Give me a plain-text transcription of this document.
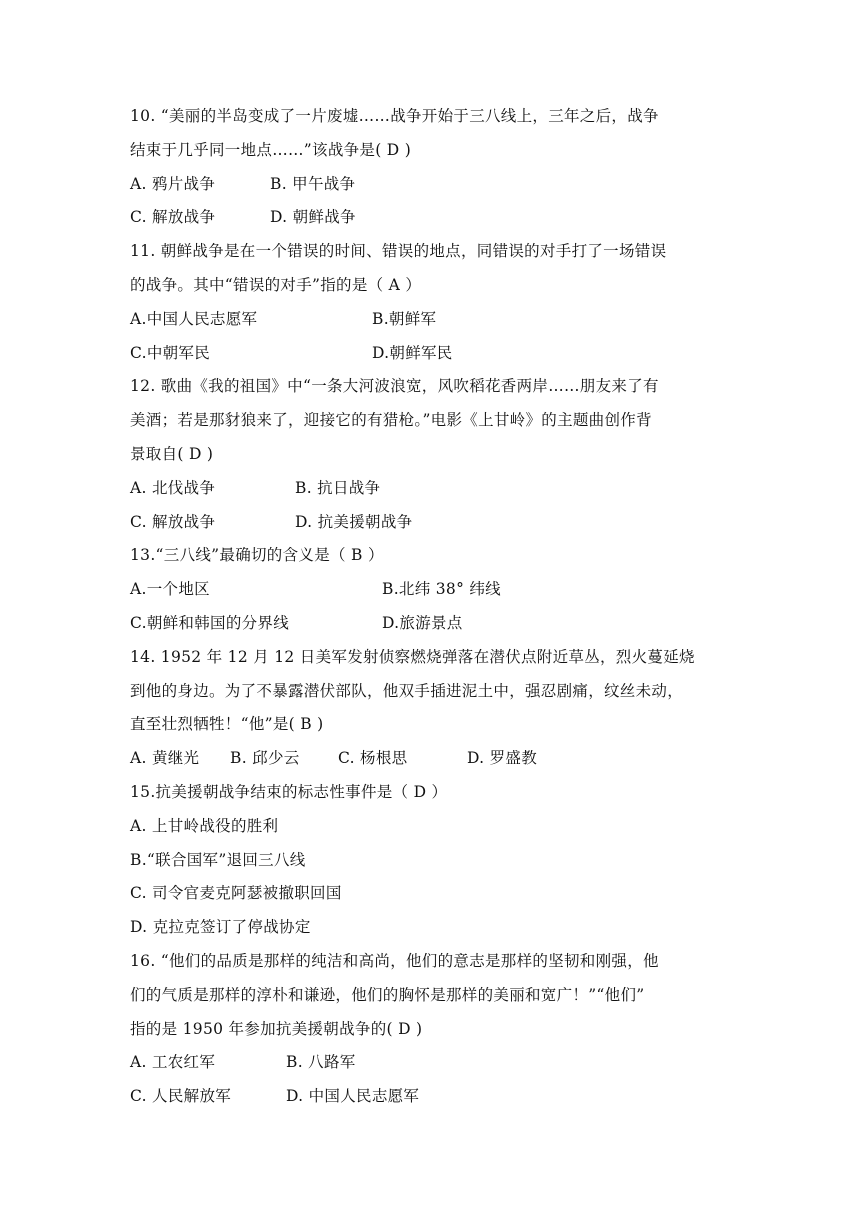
10. “美丽的半岛变成了一片废墟……战争开始于三八线上，三年之后，战争
结束于几乎同一地点……”该战争是( D )
A. 鸦片战争	B. 甲午战争
C. 解放战争	D. 朝鲜战争
11. 朝鲜战争是在一个错误的时间、错误的地点，同错误的对手打了一场错误
的战争。其中“错误的对手”指的是（ A ）
A.中国人民志愿军	B.朝鲜军
C.中朝军民	D.朝鲜军民
12. 歌曲《我的祖国》中“一条大河波浪宽，风吹稻花香两岸……朋友来了有
美酒；若是那豺狼来了，迎接它的有猎枪。”电影《上甘岭》的主题曲创作背
景取自( D )
A. 北伐战争	B. 抗日战争
C. 解放战争	D. 抗美援朝战争
13.“三八线”最确切的含义是（ B ）
A.一个地区	B.北纬 38° 纬线
C.朝鲜和韩国的分界线	D.旅游景点
14. 1952 年 12 月 12 日美军发射侦察燃烧弹落在潜伏点附近草丛，烈火蔓延烧
到他的身边。为了不暴露潜伏部队，他双手插进泥土中，强忍剧痛，纹丝未动，
直至壮烈牺牲！“他”是( B )
A. 黄继光 B. 邱少云 C. 杨根思	D. 罗盛教
15.抗美援朝战争结束的标志性事件是（ D ）
A. 上甘岭战役的胜利
B.“联合国军”退回三八线
C. 司令官麦克阿瑟被撤职回国
D. 克拉克签订了停战协定
16. “他们的品质是那样的纯洁和高尚，他们的意志是那样的坚韧和刚强，他
们的气质是那样的淳朴和谦逊，他们的胸怀是那样的美丽和宽广！”“他们”
指的是 1950 年参加抗美援朝战争的( D )
A. 工农红军	B. 八路军
C. 人民解放军	D. 中国人民志愿军
